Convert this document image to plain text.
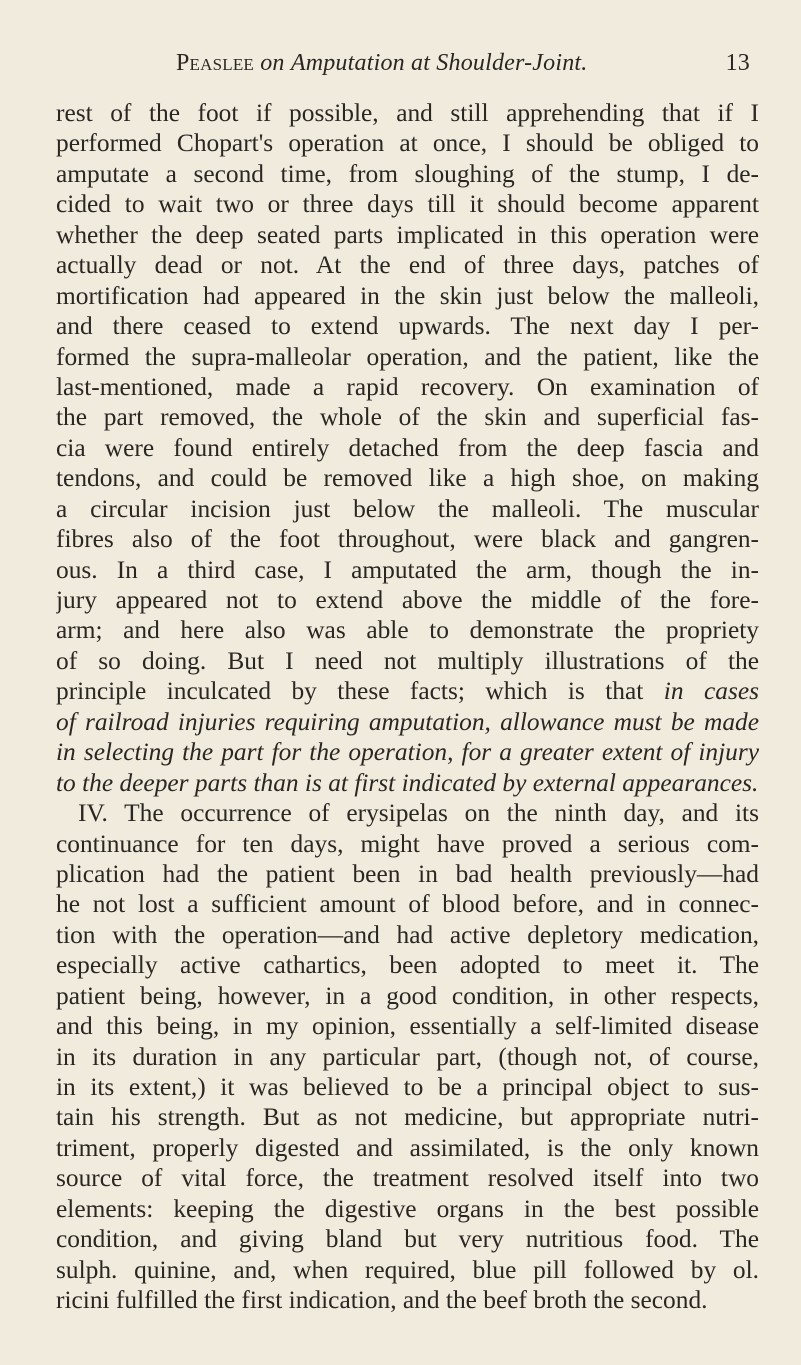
Peaslee on Amputation at Shoulder-Joint.	13
rest of the foot if possible, and still apprehending that if I
performed Chopart's operation at once, I should be obliged to
amputate a second time, from sloughing of the stump, I de-
cided to wait two or three days till it should become apparent
whether the deep seated parts implicated in this operation were
actually dead or not. At the end of three days, patches of
mortification had appeared in the skin just below the malleoli,
and there ceased to extend upwards. The next day I per-
formed the supra-malleolar operation, and the patient, like the
last-mentioned, made a rapid recovery. On examination of
the part removed, the whole of the skin and superficial fas-
cia were found entirely detached from the deep fascia and
tendons, and could be removed like a high shoe, on making
a circular incision just below the malleoli. The muscular
fibres also of the foot throughout, were black and gangren-
ous. In a third case, I amputated the arm, though the in-
jury appeared not to extend above the middle of the fore-
arm; and here also was able to demonstrate the propriety
of so doing. But I need not multiply illustrations of the
principle inculcated by these facts; which is that in cases
of railroad injuries requiring amputation, allowance must be made
in selecting the part for the operation, for a greater extent of injury
to the deeper parts than is at first indicated by external appearances.
IV. The occurrence of erysipelas on the ninth day, and its
continuance for ten days, might have proved a serious com-
plication had the patient been in bad health previously—had
he not lost a sufficient amount of blood before, and in connec-
tion with the operation—and had active depletory medication,
especially active cathartics, been adopted to meet it. The
patient being, however, in a good condition, in other respects,
and this being, in my opinion, essentially a self-limited disease
in its duration in any particular part, (though not, of course,
in its extent,) it was believed to be a principal object to sus-
tain his strength. But as not medicine, but appropriate nutri-
triment, properly digested and assimilated, is the only known
source of vital force, the treatment resolved itself into two
elements: keeping the digestive organs in the best possible
condition, and giving bland but very nutritious food. The
sulph. quinine, and, when required, blue pill followed by ol.
ricini fulfilled the first indication, and the beef broth the second.
